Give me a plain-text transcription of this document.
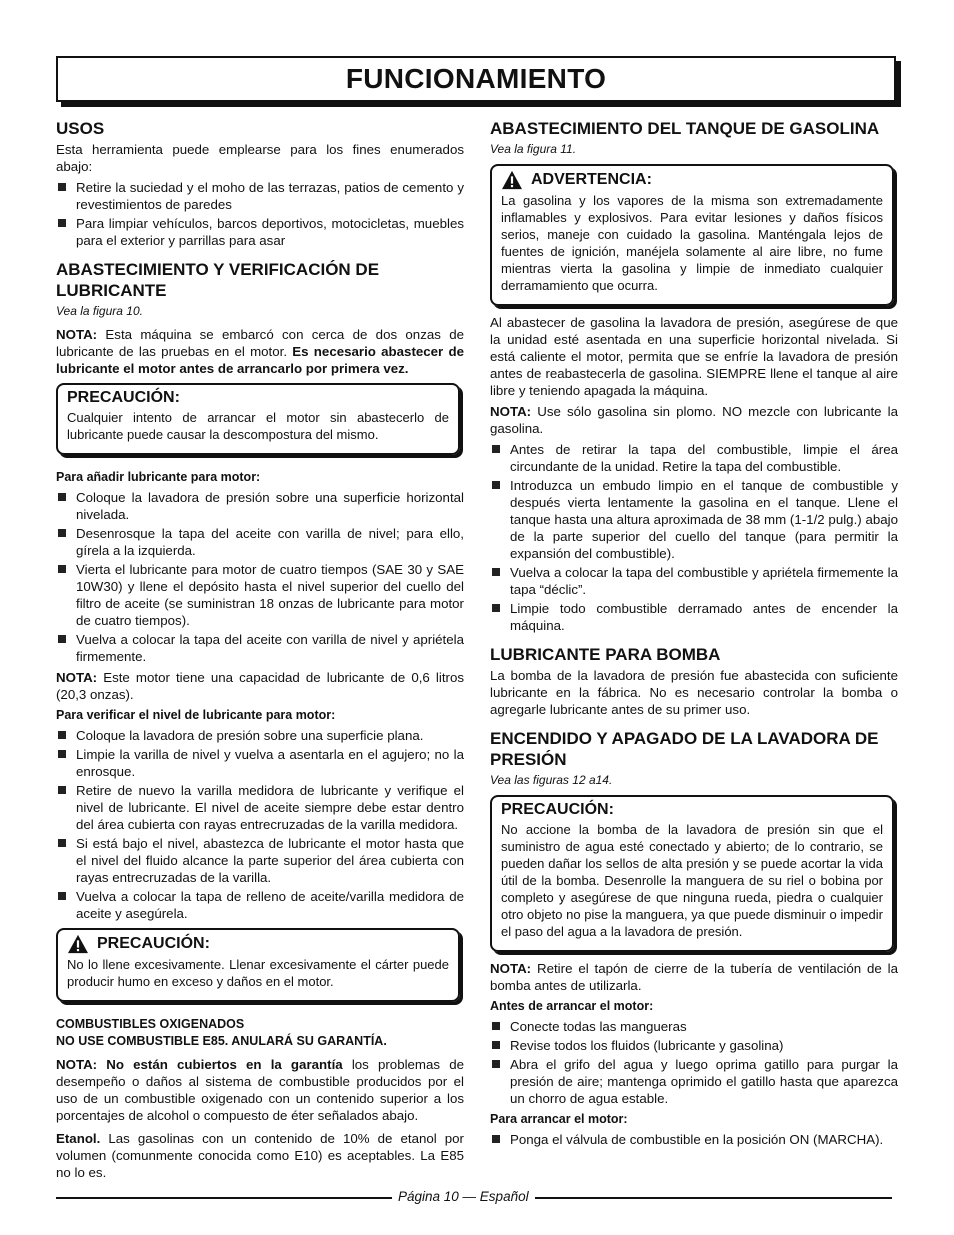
FUNCIONAMIENTO
USOS

Esta herramienta puede emplearse para los fines enumerados abajo:

Retire la suciedad y el moho de las terrazas, patios de cemento y revestimientos de paredes
Para limpiar vehículos, barcos deportivos, motocicletas, muebles para el exterior y parrillas para asar
ABASTECIMIENTO Y VERIFICACIÓN DE LUBRICANTE

Vea la figura 10.

NOTA: Esta máquina se embarcó con cerca de dos onzas de lubricante de las pruebas en el motor. Es necesario abastecer de lubricante el motor antes de arrancarlo por primera vez.

PRECAUCIÓN:

Cualquier intento de arrancar el motor sin abastecerlo de lubricante puede causar la descompostura del mismo.

Para añadir lubricante para motor:

Coloque la lavadora de presión sobre una superficie horizontal nivelada.
Desenrosque la tapa del aceite con varilla de nivel; para ello, gírela a la izquierda.
Vierta el lubricante para motor de cuatro tiempos (SAE 30 y SAE 10W30) y llene el depósito hasta el nivel superior del cuello del filtro de aceite (se suministran 18 onzas de lubricante para motor de cuatro tiempos).
Vuelva a colocar la tapa del aceite con varilla de nivel y apriétela firmemente.

NOTA: Este motor tiene una capacidad de lubricante de 0,6 litros (20,3 onzas).

Para verificar el nivel de lubricante para motor:

Coloque la lavadora de presión sobre una superficie plana.
Limpie la varilla de nivel y vuelva a asentarla en el agujero; no la enrosque.
Retire de nuevo la varilla medidora de lubricante y verifique el nivel de lubricante. El nivel de aceite siempre debe estar dentro del área cubierta con rayas entrecruzadas de la varilla medidora.
Si está bajo el nivel, abastezca de lubricante el motor hasta que el nivel del fluido alcance la parte superior del área cubierta con rayas entrecruzadas de la varilla.
Vuelva a colocar la tapa de relleno de aceite/varilla medidora de aceite y asegúrela.
PRECAUCIÓN:

No lo llene excesivamente. Llenar excesivamente el cárter puede producir humo en exceso y daños en el motor.

COMBUSTIBLES OXIGENADOS

NO USE COMBUSTIBLE E85. ANULARÁ SU GARANTÍA.

NOTA: No están cubiertos en la garantía los problemas de desempeño o daños al sistema de combustible producidos por el uso de un combustible oxigenado con un contenido superior a los porcentajes de alcohol o compuesto de éter señalados abajo.

Etanol. Las gasolinas con un contenido de 10% de etanol por volumen (comunmente conocida como E10) es aceptables. La E85 no lo es.

ABASTECIMIENTO DEL TANQUE DE GASOLINA

Vea la figura 11.

ADVERTENCIA:

La gasolina y los vapores de la misma son extremadamente inflamables y explosivos. Para evitar lesiones y daños físicos serios, maneje con cuidado la gasolina. Manténgala lejos de fuentes de ignición, manéjela solamente al aire libre, no fume mientras vierta la gasolina y limpie de inmediato cualquier derramamiento que ocurra.

Al abastecer de gasolina la lavadora de presión, asegúrese de que la unidad esté asentada en una superficie horizontal nivelada. Si está caliente el motor, permita que se enfríe la lavadora de presión antes de reabastecerla de gasolina. SIEMPRE llene el tanque al aire libre y teniendo apagada la máquina.

NOTA: Use sólo gasolina sin plomo. NO mezcle con lubricante la gasolina.

Antes de retirar la tapa del combustible, limpie el área circundante de la unidad. Retire la tapa del combustible.
Introduzca un embudo limpio en el tanque de combustible y después vierta lentamente la gasolina en el tanque. Llene el tanque hasta una altura aproximada de 38 mm (1-1/2 pulg.) abajo de la parte superior del cuello del tanque (para permitir la expansión del combustible).
Vuelva a colocar la tapa del combustible y apriétela firmemente la tapa “déclic”.
Limpie todo combustible derramado antes de encender la máquina.
LUBRICANTE PARA BOMBA

La bomba de la lavadora de presión fue abastecida con suficiente lubricante en la fábrica. No es necesario controlar la bomba o agregarle lubricante antes de su primer uso.

ENCENDIDO Y APAGADO DE LA LAVADORA DE PRESIÓN

Vea las figuras 12 a14.

PRECAUCIÓN:

No accione la bomba de la lavadora de presión sin que el suministro de agua esté conectado y abierto; de lo contrario, se pueden dañar los sellos de alta presión y se puede acortar la vida útil de la bomba. Desenrolle la manguera de su riel o bobina por completo y asegúrese de que ninguna rueda, piedra o cualquier otro objeto no pise la manguera, ya que puede disminuir o impedir el paso del agua a la lavadora de presión.

NOTA: Retire el tapón de cierre de la tubería de ventilación de la bomba antes de utilizarla.

Antes de arrancar el motor:

Conecte todas las mangueras
Revise todos los fluidos (lubricante y gasolina)
Abra el grifo del agua y luego oprima gatillo para purgar la presión de aire; mantenga oprimido el gatillo hasta que aparezca un chorro de agua estable.

Para arrancar el motor:

Ponga el válvula de combustible en la posición ON (MARCHA).
Página 10 — Español
